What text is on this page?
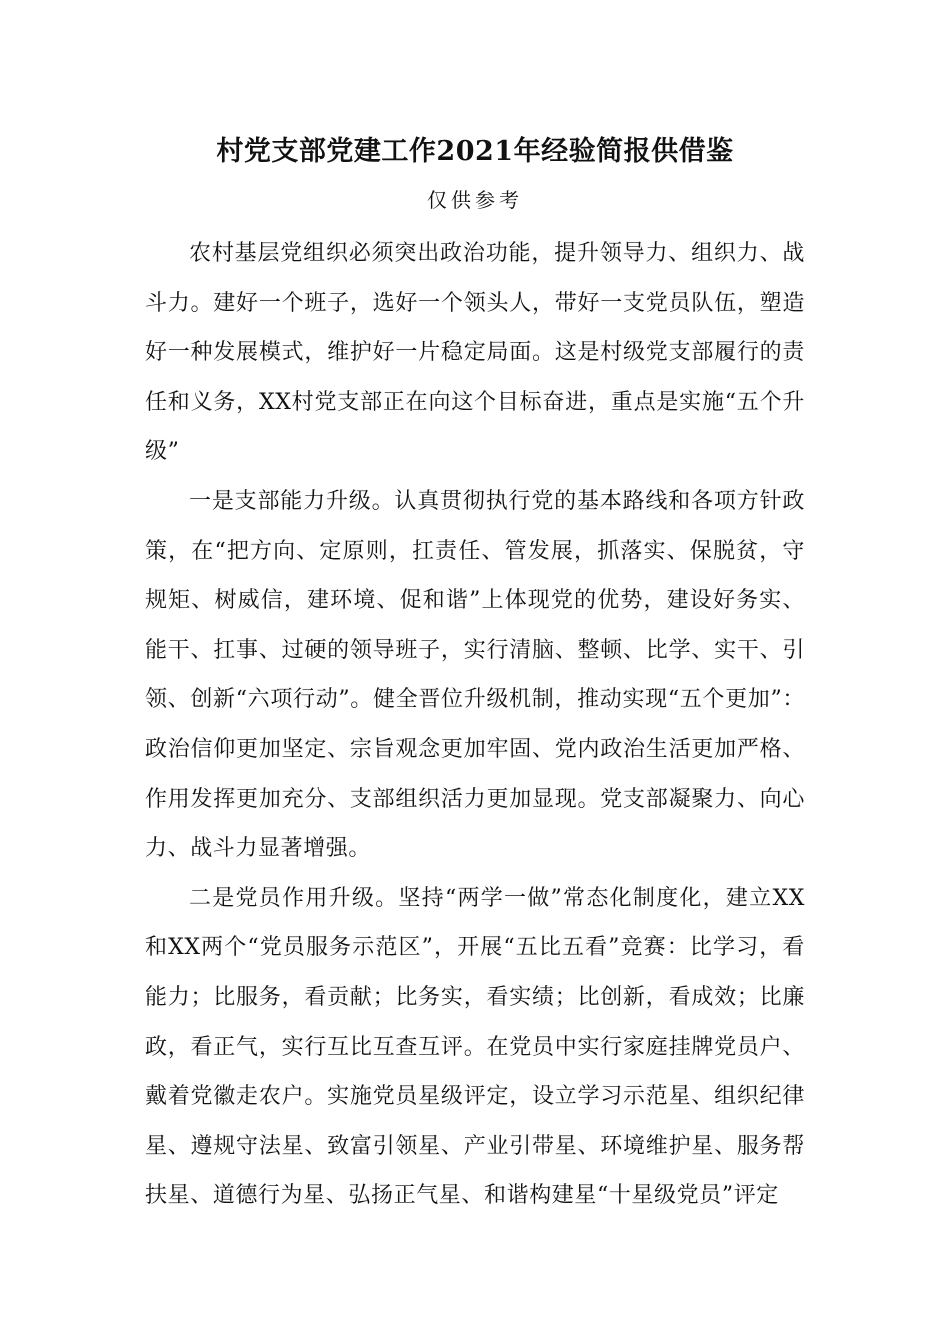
村党支部党建工作2021年经验简报供借鉴
仅供参考

农村基层党组织必须突出政治功能，提升领导力、组织力、战斗力。建好一个班子，选好一个领头人，带好一支党员队伍，塑造好一种发展模式，维护好一片稳定局面。这是村级党支部履行的责任和义务，XX村党支部正在向这个目标奋进，重点是实施“五个升级”

一是支部能力升级。认真贯彻执行党的基本路线和各项方针政策，在“把方向、定原则，扛责任、管发展，抓落实、保脱贫，守规矩、树威信，建环境、促和谐”上体现党的优势，建设好务实、能干、扛事、过硬的领导班子，实行清脑、整顿、比学、实干、引领、创新“六项行动”。健全晋位升级机制，推动实现“五个更加”：政治信仰更加坚定、宗旨观念更加牢固、党内政治生活更加严格、作用发挥更加充分、支部组织活力更加显现。党支部凝聚力、向心力、战斗力显著增强。

二是党员作用升级。坚持“两学一做”常态化制度化，建立XX和XX两个“党员服务示范区”，开展“五比五看”竞赛：比学习，看能力；比服务，看贡献；比务实，看实绩；比创新，看成效；比廉政，看正气，实行互比互查互评。在党员中实行家庭挂牌党员户、戴着党徽走农户。实施党员星级评定，设立学习示范星、组织纪律星、遵规守法星、致富引领星、产业引带星、环境维护星、服务帮扶星、道德行为星、弘扬正气星、和谐构建星“十星级党员”评定
